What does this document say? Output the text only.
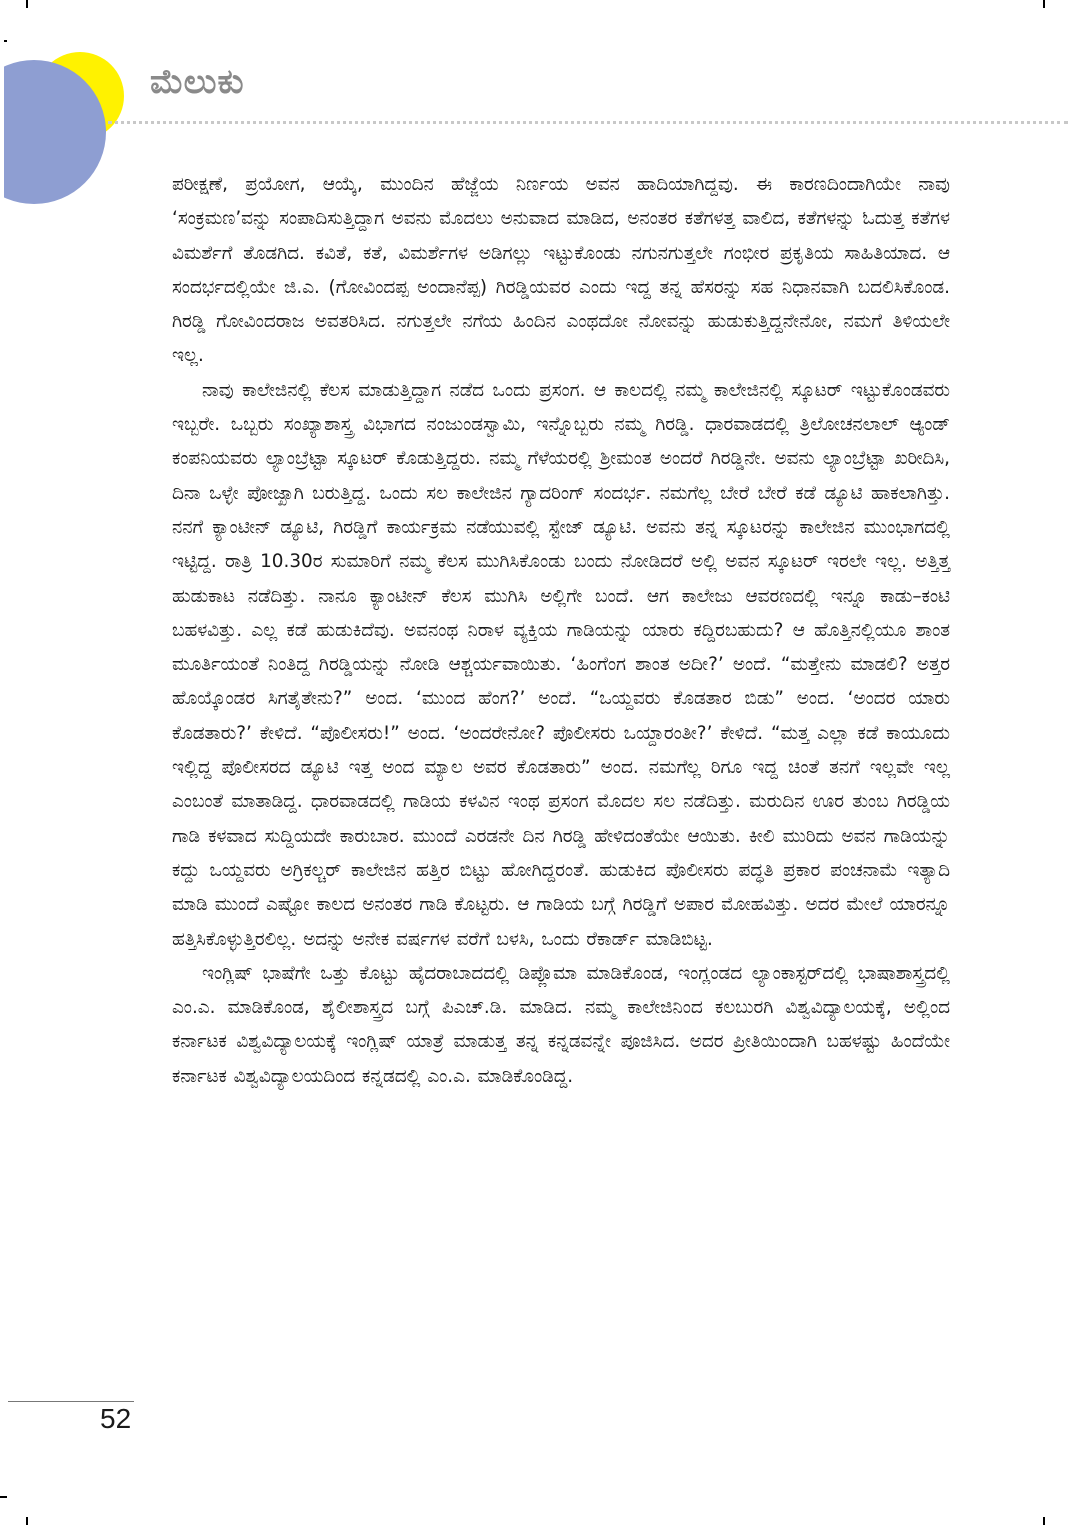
ಮೆಲುಕು

ಪರೀಕ್ಷಣೆ, ಪ್ರಯೋಗ, ಆಯ್ಕೆ, ಮುಂದಿನ ಹೆಜ್ಜೆಯ ನಿರ್ಣಯ ಅವನ ಹಾದಿಯಾಗಿದ್ದವು. ಈ ಕಾರಣದಿಂದಾಗಿಯೇ ನಾವು ‘ಸಂಕ್ರಮಣ’ವನ್ನು ಸಂಪಾದಿಸುತ್ತಿದ್ದಾಗ ಅವನು ಮೊದಲು ಅನುವಾದ ಮಾಡಿದ, ಅನಂತರ ಕತೆಗಳತ್ತ ವಾಲಿದ, ಕತೆಗಳನ್ನು ಓದುತ್ತ ಕತೆಗಳ ವಿಮರ್ಶೆಗೆ ತೊಡಗಿದ. ಕವಿತೆ, ಕತೆ, ವಿಮರ್ಶೆಗಳ ಅಡಿಗಲ್ಲು ಇಟ್ಟುಕೊಂಡು ನಗುನಗುತ್ತಲೇ ಗಂಭೀರ ಪ್ರಕೃತಿಯ ಸಾಹಿತಿಯಾದ. ಆ ಸಂದರ್ಭದಲ್ಲಿಯೇ ಜಿ.ಎ. (ಗೋವಿಂದಪ್ಪ ಅಂದಾನೆಪ್ಪ) ಗಿರಡ್ಡಿಯವರ ಎಂದು ಇದ್ದ ತನ್ನ ಹೆಸರನ್ನು ಸಹ ನಿಧಾನವಾಗಿ ಬದಲಿಸಿಕೊಂಡ. ಗಿರಡ್ಡಿ ಗೋವಿಂದರಾಜ ಅವತರಿಸಿದ. ನಗುತ್ತಲೇ ನಗೆಯ ಹಿಂದಿನ ಎಂಥದೋ ನೋವನ್ನು ಹುಡುಕುತ್ತಿದ್ದನೇನೋ, ನಮಗೆ ತಿಳಿಯಲೇ ಇಲ್ಲ.

ನಾವು ಕಾಲೇಜಿನಲ್ಲಿ ಕೆಲಸ ಮಾಡುತ್ತಿದ್ದಾಗ ನಡೆದ ಒಂದು ಪ್ರಸಂಗ. ಆ ಕಾಲದಲ್ಲಿ ನಮ್ಮ ಕಾಲೇಜಿನಲ್ಲಿ ಸ್ಕೂಟರ್ ಇಟ್ಟುಕೊಂಡವರು ಇಬ್ಬರೇ. ಒಬ್ಬರು ಸಂಖ್ಯಾಶಾಸ್ತ್ರ ವಿಭಾಗದ ನಂಜುಂಡಸ್ವಾಮಿ, ಇನ್ನೊಬ್ಬರು ನಮ್ಮ ಗಿರಡ್ಡಿ. ಧಾರವಾಡದಲ್ಲಿ ತ್ರಿಲೋಚನಲಾಲ್ ಆ್ಯಂಡ್ ಕಂಪನಿಯವರು ಲ್ಯಾಂಬ್ರೆಟ್ಟಾ ಸ್ಕೂಟರ್ ಕೊಡುತ್ತಿದ್ದರು. ನಮ್ಮ ಗೆಳೆಯರಲ್ಲಿ ಶ್ರೀಮಂತ ಅಂದರೆ ಗಿರಡ್ಡಿನೇ. ಅವನು ಲ್ಯಾಂಬ್ರೆಟ್ಟಾ ಖರೀದಿಸಿ, ದಿನಾ ಒಳ್ಳೇ ಪೋಜ್ಖಾಗಿ ಬರುತ್ತಿದ್ದ. ಒಂದು ಸಲ ಕಾಲೇಜಿನ ಗ್ಯಾದರಿಂಗ್ ಸಂದರ್ಭ. ನಮಗೆಲ್ಲ ಬೇರೆ ಬೇರೆ ಕಡೆ ಡ್ಯೂಟಿ ಹಾಕಲಾಗಿತ್ತು. ನನಗೆ ಕ್ಯಾಂಟೀನ್ ಡ್ಯೂಟಿ, ಗಿರಡ್ಡಿಗೆ ಕಾರ್ಯಕ್ರಮ ನಡೆಯುವಲ್ಲಿ ಸ್ಟೇಜ್ ಡ್ಯೂಟಿ. ಅವನು ತನ್ನ ಸ್ಕೂಟರನ್ನು ಕಾಲೇಜಿನ ಮುಂಭಾಗದಲ್ಲಿ ಇಟ್ಟಿದ್ದ. ರಾತ್ರಿ 10.30ರ ಸುಮಾರಿಗೆ ನಮ್ಮ ಕೆಲಸ ಮುಗಿಸಿಕೊಂಡು ಬಂದು ನೋಡಿದರೆ ಅಲ್ಲಿ ಅವನ ಸ್ಕೂಟರ್ ಇರಲೇ ಇಲ್ಲ. ಅತ್ತಿತ್ತ ಹುಡುಕಾಟ ನಡೆದಿತ್ತು. ನಾನೂ ಕ್ಯಾಂಟೀನ್ ಕೆಲಸ ಮುಗಿಸಿ ಅಲ್ಲಿಗೇ ಬಂದೆ. ಆಗ ಕಾಲೇಜು ಆವರಣದಲ್ಲಿ ಇನ್ನೂ ಕಾಡು–ಕಂಟಿ ಬಹಳವಿತ್ತು. ಎಲ್ಲ ಕಡೆ ಹುಡುಕಿದೆವು. ಅವನಂಥ ನಿರಾಳ ವ್ಯಕ್ತಿಯ ಗಾಡಿಯನ್ನು ಯಾರು ಕದ್ದಿರಬಹುದು? ಆ ಹೊತ್ತಿನಲ್ಲಿಯೂ ಶಾಂತ ಮೂರ್ತಿಯಂತೆ ನಿಂತಿದ್ದ ಗಿರಡ್ಡಿಯನ್ನು ನೋಡಿ ಆಶ್ಚರ್ಯವಾಯಿತು. ‘ಹಿಂಗೆಂಗ ಶಾಂತ ಅದೀ?’ ಅಂದೆ. “ಮತ್ತೇನು ಮಾಡಲಿ? ಅತ್ತರ ಹೊಯ್ಕೊಂಡರ ಸಿಗತೈತೇನು?” ಅಂದ. ‘ಮುಂದ ಹೆಂಗ?’ ಅಂದೆ. “ಒಯ್ದವರು ಕೊಡತಾರ ಬಿಡು” ಅಂದ. ‘ಅಂದರ ಯಾರು ಕೊಡತಾರು?’ ಕೇಳಿದೆ. “ಪೊಲೀಸರು!” ಅಂದ. ‘ಅಂದರೇನೋ? ಪೊಲೀಸರು ಒಯ್ದಾರಂತೀ?’ ಕೇಳಿದೆ. “ಮತ್ತ ಎಲ್ಲಾ ಕಡೆ ಕಾಯೂದು ಇಲ್ಲಿದ್ದ ಪೊಲೀಸರದ ಡ್ಯೂಟಿ ಇತ್ತ ಅಂದ ಮ್ಯಾಲ ಅವರ ಕೊಡತಾರು” ಅಂದ. ನಮಗೆಲ್ಲ ರಿಗೂ ಇದ್ದ ಚಿಂತೆ ತನಗೆ ಇಲ್ಲವೇ ಇಲ್ಲ ಎಂಬಂತೆ ಮಾತಾಡಿದ್ದ. ಧಾರವಾಡದಲ್ಲಿ ಗಾಡಿಯ ಕಳವಿನ ಇಂಥ ಪ್ರಸಂಗ ಮೊದಲ ಸಲ ನಡೆದಿತ್ತು. ಮರುದಿನ ಊರ ತುಂಬ ಗಿರಡ್ಡಿಯ ಗಾಡಿ ಕಳವಾದ ಸುದ್ದಿಯದೇ ಕಾರುಬಾರ. ಮುಂದೆ ಎರಡನೇ ದಿನ ಗಿರಡ್ಡಿ ಹೇಳಿದಂತೆಯೇ ಆಯಿತು. ಕೀಲಿ ಮುರಿದು ಅವನ ಗಾಡಿಯನ್ನು ಕದ್ದು ಒಯ್ದವರು ಅಗ್ರಿಕಲ್ಚರ್ ಕಾಲೇಜಿನ ಹತ್ತಿರ ಬಿಟ್ಟು ಹೋಗಿದ್ದರಂತೆ. ಹುಡುಕಿದ ಪೊಲೀಸರು ಪದ್ಧತಿ ಪ್ರಕಾರ ಪಂಚನಾಮೆ ಇತ್ಯಾದಿ ಮಾಡಿ ಮುಂದೆ ಎಷ್ಟೋ ಕಾಲದ ಅನಂತರ ಗಾಡಿ ಕೊಟ್ಟರು. ಆ ಗಾಡಿಯ ಬಗ್ಗೆ ಗಿರಡ್ಡಿಗೆ ಅಪಾರ ಮೋಹವಿತ್ತು. ಅದರ ಮೇಲೆ ಯಾರನ್ನೂ ಹತ್ತಿಸಿಕೊಳ್ಳುತ್ತಿರಲಿಲ್ಲ. ಅದನ್ನು ಅನೇಕ ವರ್ಷಗಳ ವರೆಗೆ ಬಳಸಿ, ಒಂದು ರೆಕಾರ್ಡ್ ಮಾಡಿಬಿಟ್ಟ.

ಇಂಗ್ಲಿಷ್ ಭಾಷೆಗೇ ಒತ್ತು ಕೊಟ್ಟು ಹೈದರಾಬಾದದಲ್ಲಿ ಡಿಪ್ಲೊಮಾ ಮಾಡಿಕೊಂಡ, ಇಂಗ್ಲಂಡದ ಲ್ಯಾಂಕಾಸ್ಟರ್‌ದಲ್ಲಿ ಭಾಷಾಶಾಸ್ತ್ರದಲ್ಲಿ ಎಂ.ಎ. ಮಾಡಿಕೊಂಡ, ಶೈಲೀಶಾಸ್ತ್ರದ ಬಗ್ಗೆ ಪಿಎಚ್.ಡಿ. ಮಾಡಿದ. ನಮ್ಮ ಕಾಲೇಜಿನಿಂದ ಕಲಬುರಗಿ ವಿಶ್ವವಿದ್ಯಾಲಯಕ್ಕೆ, ಅಲ್ಲಿಂದ ಕರ್ನಾಟಕ ವಿಶ್ವವಿದ್ಯಾಲಯಕ್ಕೆ ಇಂಗ್ಲಿಷ್ ಯಾತ್ರೆ ಮಾಡುತ್ತ ತನ್ನ ಕನ್ನಡವನ್ನೇ ಪೂಜಿಸಿದ. ಅದರ ಪ್ರೀತಿಯಿಂದಾಗಿ ಬಹಳಷ್ಟು ಹಿಂದೆಯೇ ಕರ್ನಾಟಕ ವಿಶ್ವವಿದ್ಯಾಲಯದಿಂದ ಕನ್ನಡದಲ್ಲಿ ಎಂ.ಎ. ಮಾಡಿಕೊಂಡಿದ್ದ.

52
